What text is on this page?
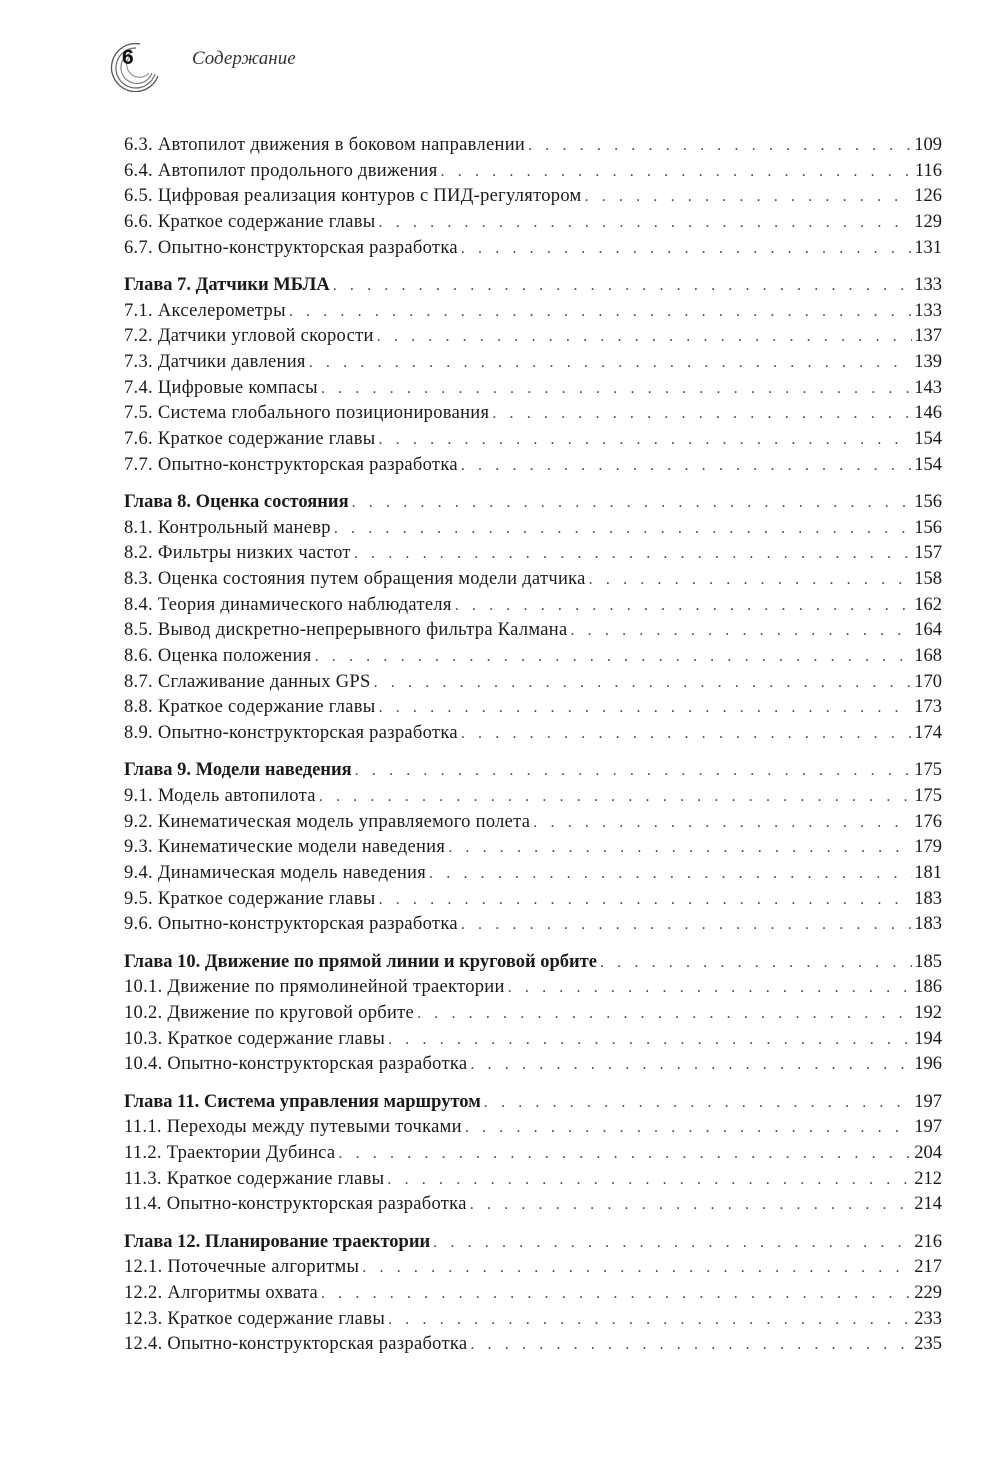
6	Содержание
6.3. Автопилот движения в боковом направлении . . .	109
6.4. Автопилот продольного движения . . .	116
6.5. Цифровая реализация контуров с ПИД-регулятором . . .	126
6.6. Краткое содержание главы . . .	129
6.7. Опытно-конструкторская разработка . . .	131
Глава 7. Датчики МБЛА . . .	133
7.1. Акселерометры . . .	133
7.2. Датчики угловой скорости . . .	137
7.3. Датчики давления . . .	139
7.4. Цифровые компасы . . .	143
7.5. Система глобального позиционирования . . .	146
7.6. Краткое содержание главы . . .	154
7.7. Опытно-конструкторская разработка . . .	154
Глава 8. Оценка состояния . . .	156
8.1. Контрольный маневр . . .	156
8.2. Фильтры низких частот . . .	157
8.3. Оценка состояния путем обращения модели датчика . . .	158
8.4. Теория динамического наблюдателя . . .	162
8.5. Вывод дискретно-непрерывного фильтра Калмана . . .	164
8.6. Оценка положения . . .	168
8.7. Сглаживание данных GPS . . .	170
8.8. Краткое содержание главы . . .	173
8.9. Опытно-конструкторская разработка . . .	174
Глава 9. Модели наведения . . .	175
9.1. Модель автопилота . . .	175
9.2. Кинематическая модель управляемого полета . . .	176
9.3. Кинематические модели наведения . . .	179
9.4. Динамическая модель наведения . . .	181
9.5. Краткое содержание главы . . .	183
9.6. Опытно-конструкторская разработка . . .	183
Глава 10. Движение по прямой линии и круговой орбите . . .	185
10.1. Движение по прямолинейной траектории . . .	186
10.2. Движение по круговой орбите . . .	192
10.3. Краткое содержание главы . . .	194
10.4. Опытно-конструкторская разработка . . .	196
Глава 11. Система управления маршрутом . . .	197
11.1. Переходы между путевыми точками . . .	197
11.2. Траектории Дубинса . . .	204
11.3. Краткое содержание главы . . .	212
11.4. Опытно-конструкторская разработка . . .	214
Глава 12. Планирование траектории . . .	216
12.1. Поточечные алгоритмы . . .	217
12.2. Алгоритмы охвата . . .	229
12.3. Краткое содержание главы . . .	233
12.4. Опытно-конструкторская разработка . . .	235
